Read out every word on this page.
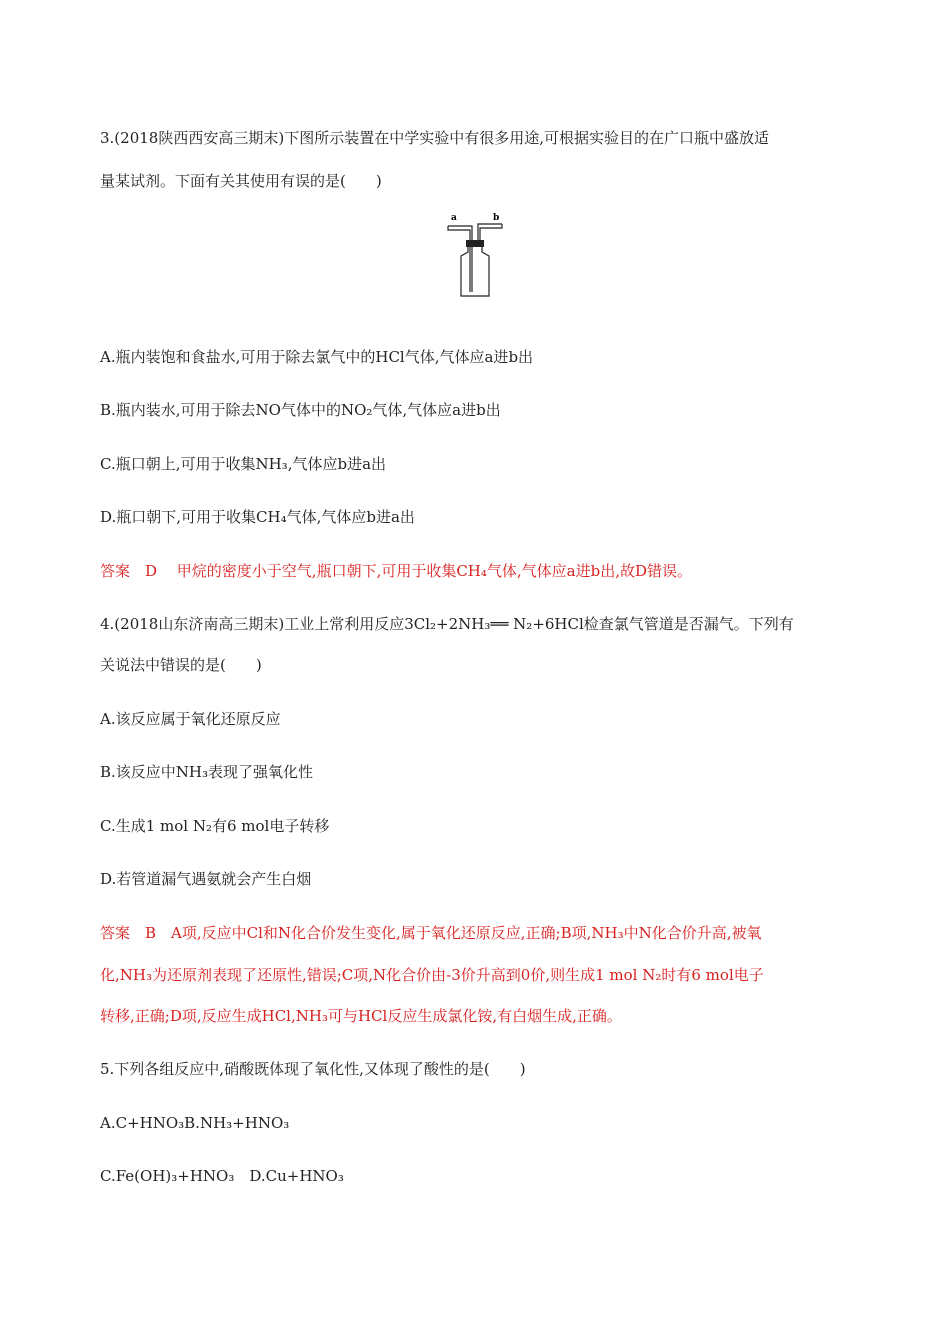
3.(2018陕西西安高三期末)下图所示装置在中学实验中有很多用途,可根据实验目的在广口瓶中盛放适
量某试剂。下面有关其使用有误的是(　　)
a	b
A.瓶内装饱和食盐水,可用于除去氯气中的HCl气体,气体应a进b出
B.瓶内装水,可用于除去NO气体中的NO₂气体,气体应a进b出
C.瓶口朝上,可用于收集NH₃,气体应b进a出
D.瓶口朝下,可用于收集CH₄气体,气体应b进a出
答案　D　 甲烷的密度小于空气,瓶口朝下,可用于收集CH₄气体,气体应a进b出,故D错误。
4.(2018山东济南高三期末)工业上常利用反应3Cl₂+2NH₃══ N₂+6HCl检查氯气管道是否漏气。下列有
关说法中错误的是(　　)
A.该反应属于氧化还原反应
B.该反应中NH₃表现了强氧化性
C.生成1 mol N₂有6 mol电子转移
D.若管道漏气遇氨就会产生白烟
答案　B　A项,反应中Cl和N化合价发生变化,属于氧化还原反应,正确;B项,NH₃中N化合价升高,被氧
化,NH₃为还原剂表现了还原性,错误;C项,N化合价由-3价升高到0价,则生成1 mol N₂时有6 mol电子
转移,正确;D项,反应生成HCl,NH₃可与HCl反应生成氯化铵,有白烟生成,正确。
5.下列各组反应中,硝酸既体现了氧化性,又体现了酸性的是(　　)
A.C+HNO₃B.NH₃+HNO₃
C.Fe(OH)₃+HNO₃　D.Cu+HNO₃
